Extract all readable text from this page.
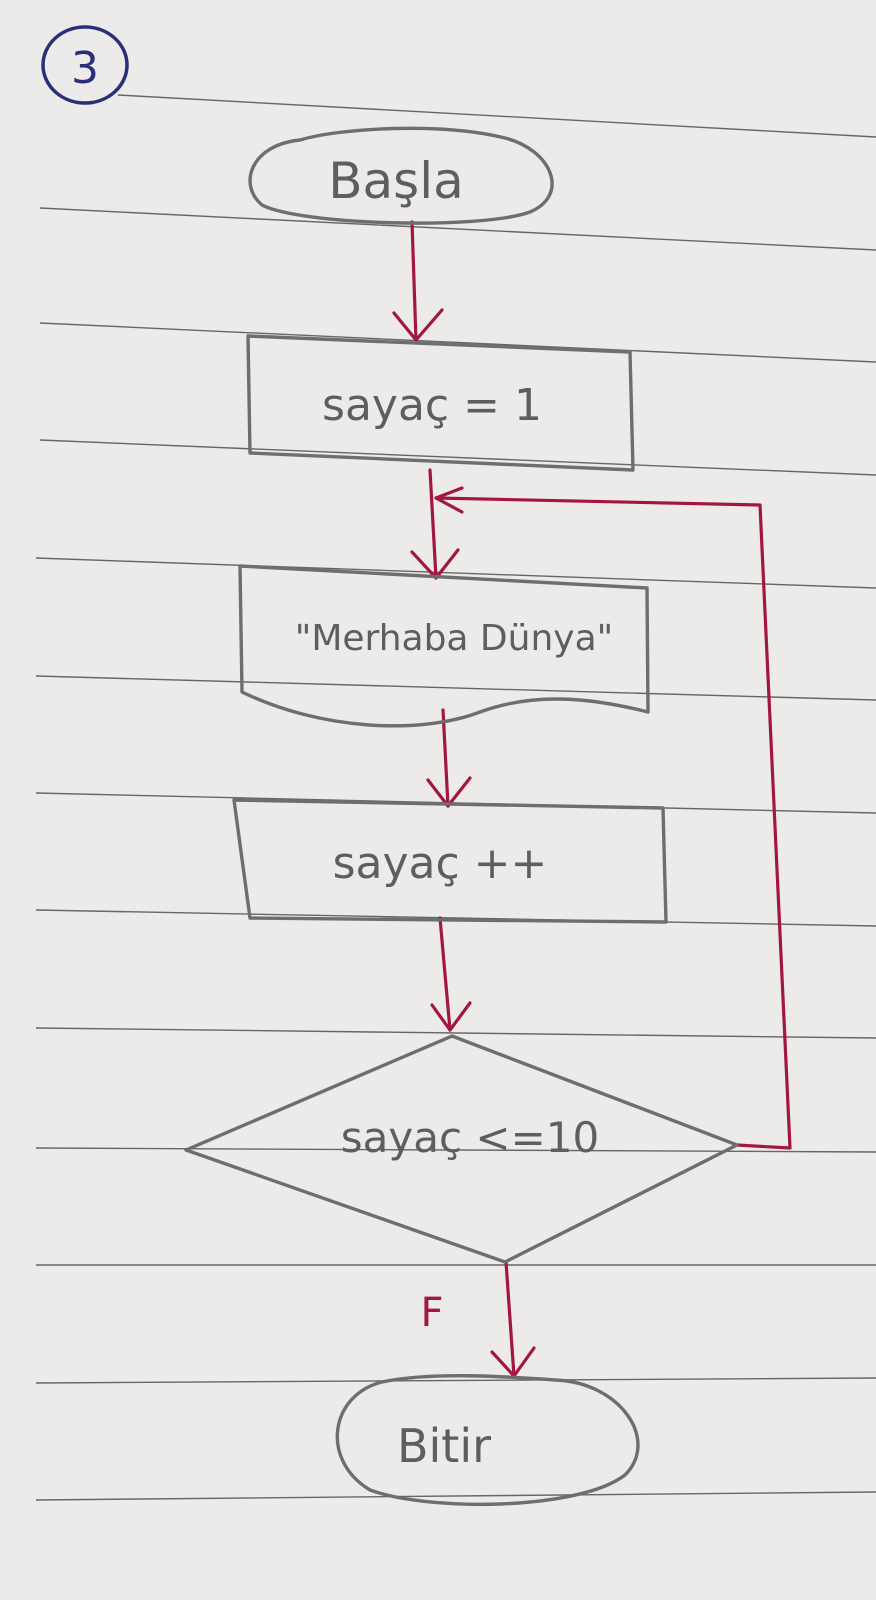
3
F
Başla
sayaç = 1
"Merhaba Dünya"
sayaç ++
sayaç <=10
Bitir
